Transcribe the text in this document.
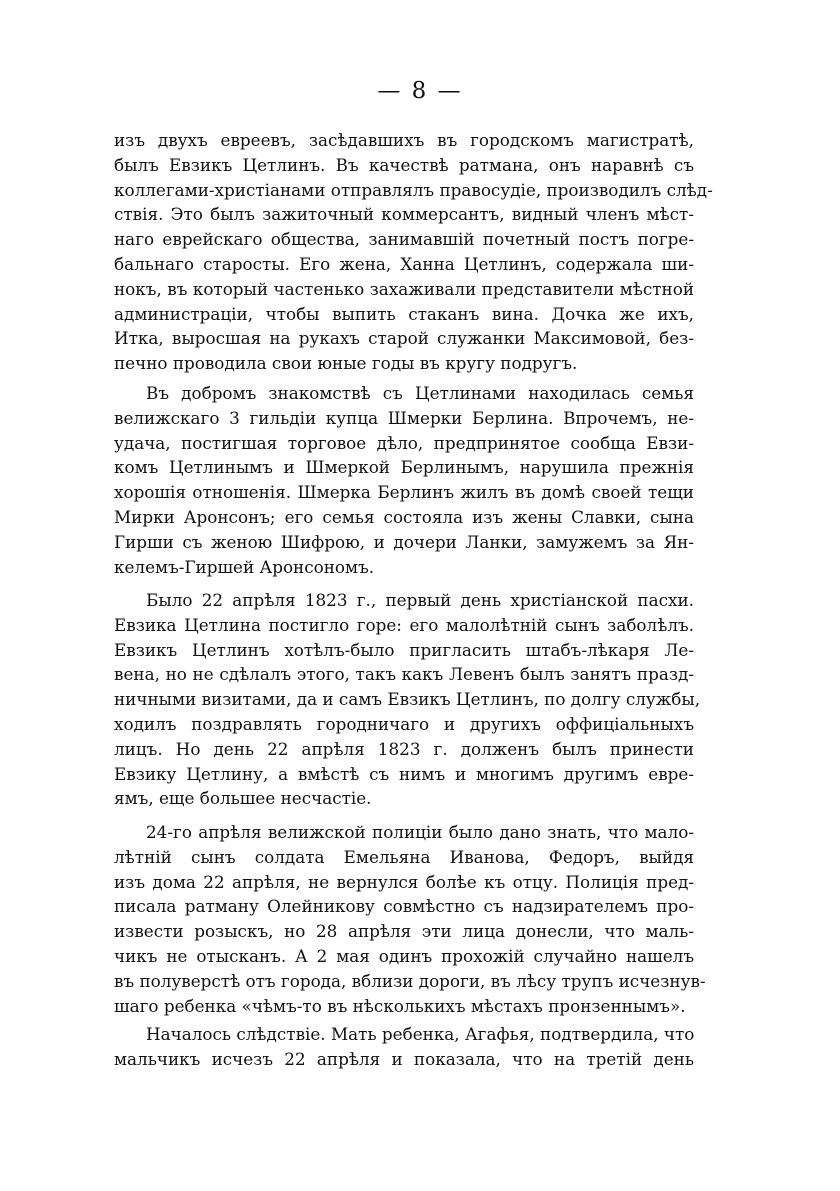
— 8 —
изъ двухъ евреевъ, засѣдавшихъ въ городскомъ магистратѣ,
былъ Евзикъ Цетлинъ. Въ качествѣ ратмана, онъ наравнѣ съ
коллегами-христіанами отправлялъ правосудіе, производилъ слѣд-
ствія. Это былъ зажиточный коммерсантъ, видный членъ мѣст-
наго еврейскаго общества, занимавшій почетный постъ погре-
бальнаго старосты. Его жена, Ханна Цетлинъ, содержала ши-
нокъ, въ который частенько захаживали представители мѣстной
администраціи, чтобы выпить стаканъ вина. Дочка же ихъ,
Итка, выросшая на рукахъ старой служанки Максимовой, без-
печно проводила свои юные годы въ кругу подругъ.
Въ добромъ знакомствѣ съ Цетлинами находилась семья
велижскаго 3 гильдіи купца Шмерки Берлина. Впрочемъ, не-
удача, постигшая торговое дѣло, предпринятое сообща Евзи-
комъ Цетлинымъ и Шмеркой Берлинымъ, нарушила прежнія
хорошія отношенія. Шмерка Берлинъ жилъ въ домѣ своей тещи
Мирки Аронсонъ; его семья состояла изъ жены Славки, сына
Гирши съ женою Шифрою, и дочери Ланки, замужемъ за Ян-
келемъ-Гиршей Аронсономъ.
Было 22 апрѣля 1823 г., первый день христіанской пасхи.
Евзика Цетлина постигло горе: его малолѣтній сынъ заболѣлъ.
Евзикъ Цетлинъ хотѣлъ-было пригласить штабъ-лѣкаря Ле-
вена, но не сдѣлалъ этого, такъ какъ Левенъ былъ занятъ празд-
ничными визитами, да и самъ Евзикъ Цетлинъ, по долгу службы,
ходилъ поздравлять городничаго и другихъ оффиціальныхъ
лицъ. Но день 22 апрѣля 1823 г. долженъ былъ принести
Евзику Цетлину, а вмѣстѣ съ нимъ и многимъ другимъ евре-
ямъ, еще большее несчастіе.
24-го апрѣля велижской полиціи было дано знать, что мало-
лѣтній сынъ солдата Емельяна Иванова, Федоръ, выйдя
изъ дома 22 апрѣля, не вернулся болѣе къ отцу. Полиція пред-
писала ратману Олейникову совмѣстно съ надзирателемъ про-
извести розыскъ, но 28 апрѣля эти лица донесли, что маль-
чикъ не отысканъ. А 2 мая одинъ прохожій случайно нашелъ
въ полуверстѣ отъ города, вблизи дороги, въ лѣсу трупъ исчезнув-
шаго ребенка «чѣмъ-то въ нѣсколькихъ мѣстахъ пронзеннымъ».
Началось слѣдствіе. Мать ребенка, Агафья, подтвердила, что
мальчикъ исчезъ 22 апрѣля и показала, что на третій день
